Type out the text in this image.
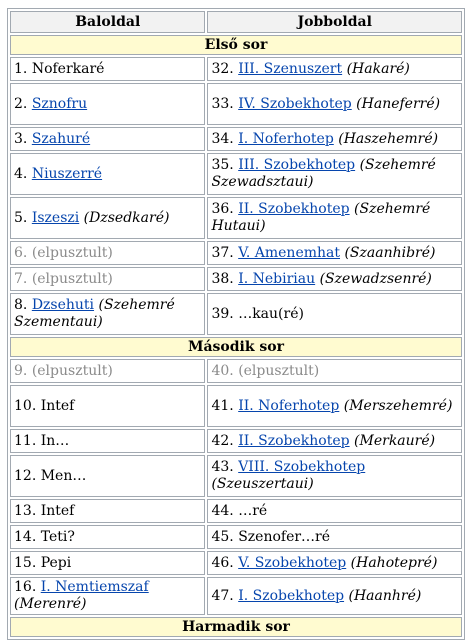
Baloldal	Jobboldal
Első sor	
1. Noferkaré	32. III. Szenuszert (Hakaré)
2. Sznofru	33. IV. Szobekhotep (Haneferré)
3. Szahuré	34. I. Noferhotep (Haszehemré)
4. Niuszerré	35. III. Szobekhotep (Szehemré Szewadsztaui)
5. Iszeszi (Dzsedkaré)	36. II. Szobekhotep (Szehemré Hutaui)
6. (elpusztult)	37. V. Amenemhat (Szaanhibré)
7. (elpusztult)	38. I. Nebiriau (Szewadzsenré)
8. Dzsehuti (Szehemré Szementaui)	39. …kau(ré)
Második sor	
9. (elpusztult)	40. (elpusztult)
10. Intef	41. II. Noferhotep (Merszehemré)
11. In…	42. II. Szobekhotep (Merkauré)
12. Men…	43. VIII. Szobekhotep (Szeuszertaui)
13. Intef	44. …ré
14. Teti?	45. Szenofer…ré
15. Pepi	46. V. Szobekhotep (Hahotepré)
16. I. Nemtiemszaf (Merenré)	47. I. Szobekhotep (Haanhré)
Harmadik sor	
